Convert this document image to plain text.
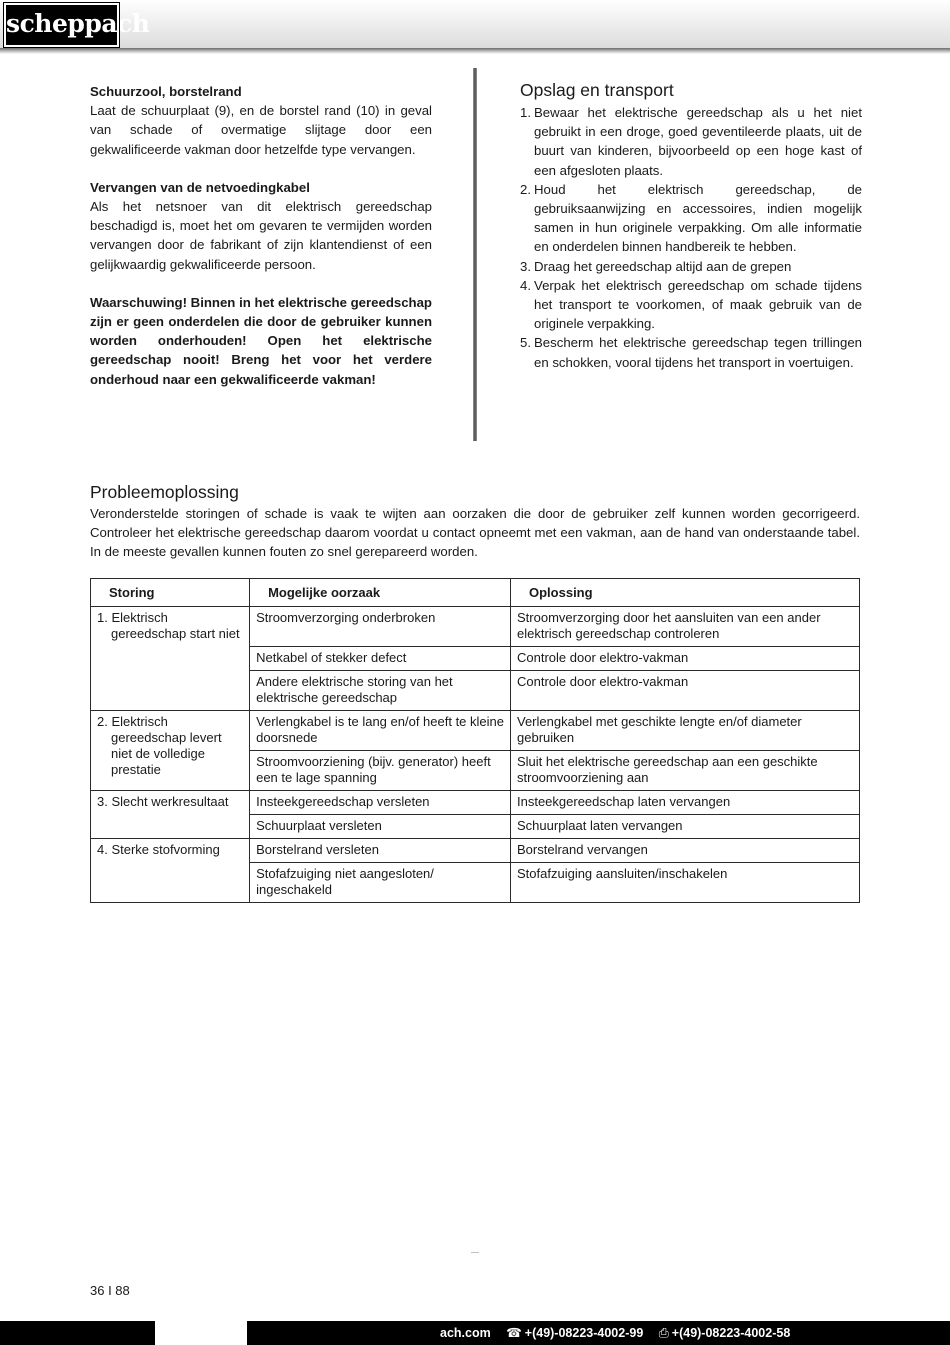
scheppach
Schuurzool, borstelrand
Laat de schuurplaat (9), en de borstel rand (10) in geval van schade of overmatige slijtage door een gekwalificeerde vakman door hetzelfde type vervangen.
Vervangen van de netvoedingkabel
Als het netsnoer van dit elektrisch gereedschap beschadigd is, moet het om gevaren te vermijden worden vervangen door de fabrikant of zijn klantendienst of een gelijkwaardig gekwalificeerde persoon.
Waarschuwing! Binnen in het elektrische gereedschap zijn er geen onderdelen die door de gebruiker kunnen worden onderhouden! Open het elektrische gereedschap nooit! Breng het voor het verdere onderhoud naar een gekwalificeerde vakman!
Opslag en transport
1. Bewaar het elektrische gereedschap als u het niet gebruikt in een droge, goed geventileerde plaats, uit de buurt van kinderen, bijvoorbeeld op een hoge kast of een afgesloten plaats.
2. Houd het elektrisch gereedschap, de gebruiksaanwijzing en accessoires, indien mogelijk samen in hun originele verpakking. Om alle informatie en onderdelen binnen handbereik te hebben.
3. Draag het gereedschap altijd aan de grepen
4. Verpak het elektrisch gereedschap om schade tijdens het transport te voorkomen, of maak gebruik van de originele verpakking.
5. Bescherm het elektrische gereedschap tegen trillingen en schokken, vooral tijdens het transport in voertuigen.
Probleemoplossing
Veronderstelde storingen of schade is vaak te wijten aan oorzaken die door de gebruiker zelf kunnen worden gecorrigeerd. Controleer het elektrische gereedschap daarom voordat u contact opneemt met een vakman, aan de hand van onderstaande tabel. In de meeste gevallen kunnen fouten zo snel gerepareerd worden.
Storing	Mogelijke oorzaak	Oplossing

1. Elektrisch gereedschap start niet	Stroomverzorging onderbroken	Stroomverzorging door het aansluiten van een ander elektrisch gereedschap controleren
	Netkabel of stekker defect	Controle door elektro-vakman
	Andere elektrische storing van het elektrische gereedschap	Controle door elektro-vakman

2. Elektrisch gereedschap levert niet de volledige prestatie	Verlengkabel is te lang en/of heeft te kleine doorsnede	Verlengkabel met geschikte lengte en/of diameter gebruiken
	Stroomvoorziening (bijv. generator) heeft een te lage spanning	Sluit het elektrische gereedschap aan een geschikte stroomvoorziening aan

3. Slecht werkresultaat	Insteekgereedschap versleten	Insteekgereedschap laten vervangen
	Schuurplaat versleten	Schuurplaat laten vervangen

4. Sterke stofvorming	Borstelrand versleten	Borstelrand vervangen
	Stofafzuiging niet aangesloten/ ingeschakeld	Stofafzuiging aansluiten/inschakelen
36 I 88
ach.com ☎ +(49)-08223-4002-99 ⎙ +(49)-08223-4002-58
